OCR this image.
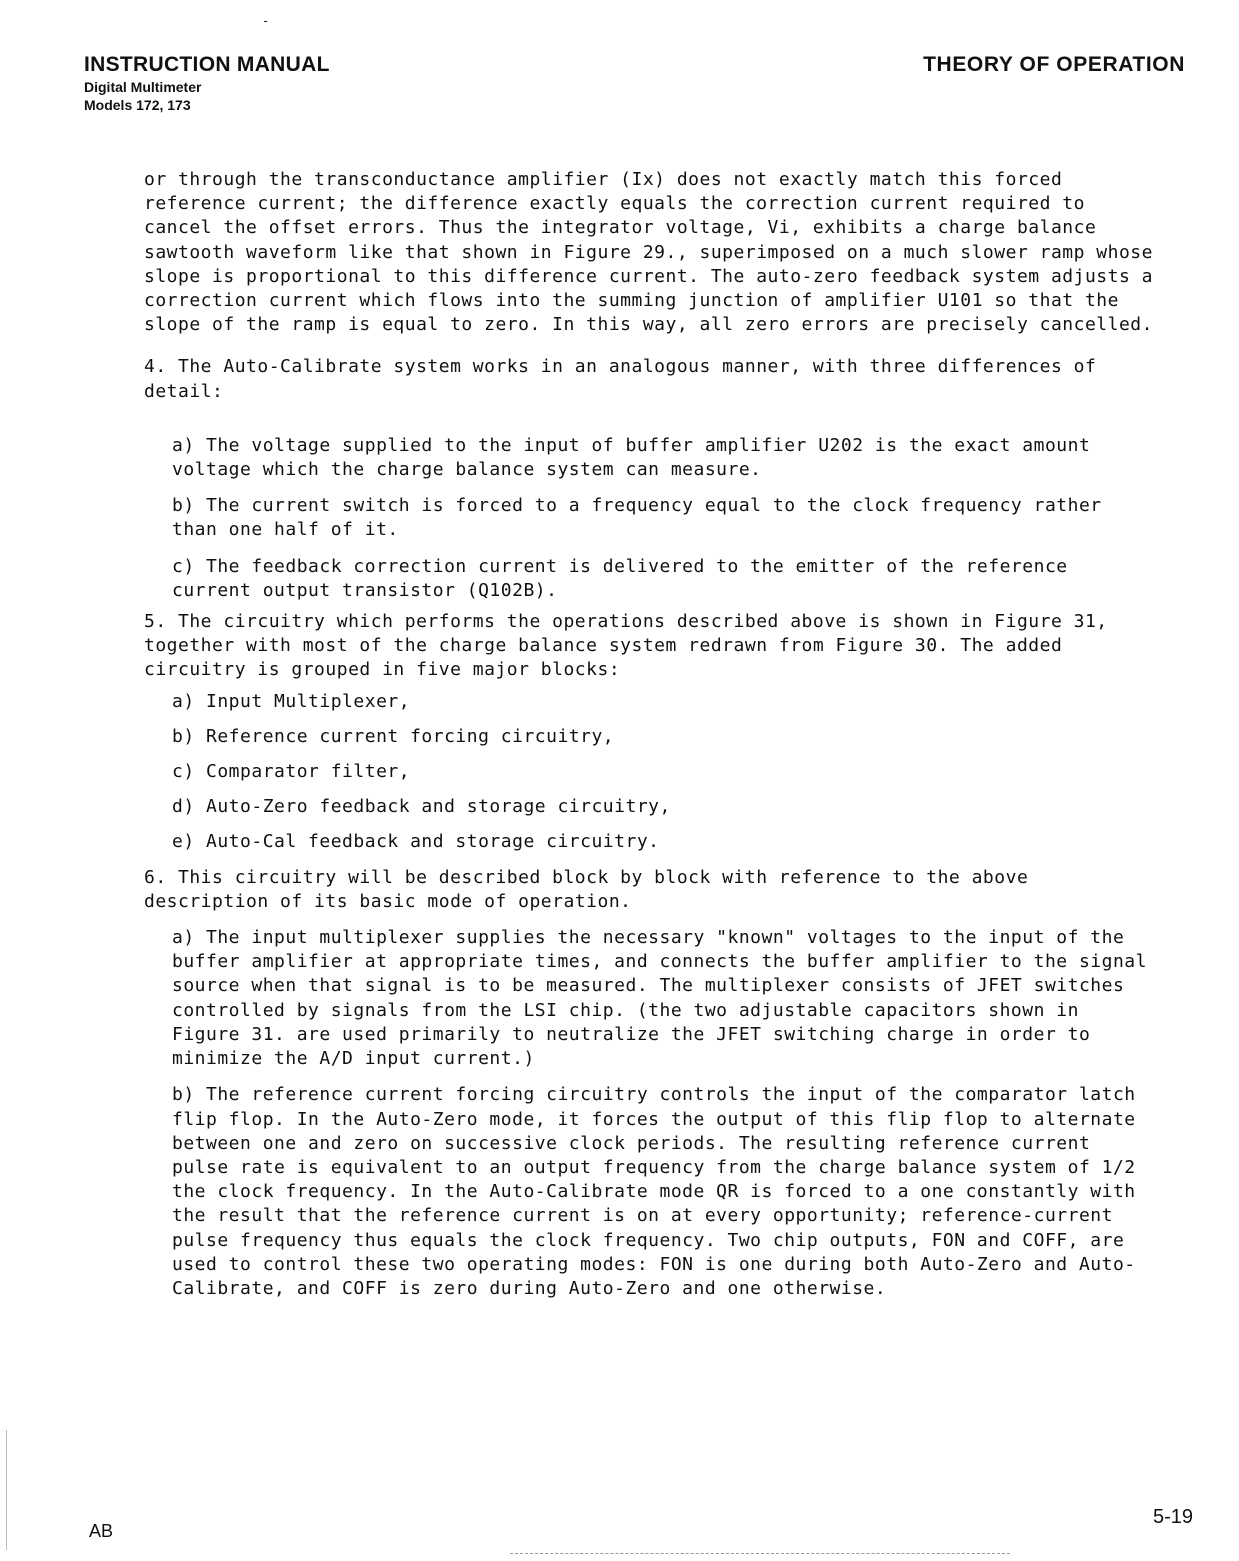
-
INSTRUCTION MANUAL
Digital Multimeter
Models 172, 173
THEORY OF OPERATION

or through the transconductance amplifier (Ix) does not exactly match this forced reference current; the difference exactly equals the correction current required to cancel the offset errors. Thus the integrator voltage, Vi, exhibits a charge balance sawtooth waveform like that shown in Figure 29., superimposed on a much slower ramp whose slope is proportional to this difference current. The auto-zero feedback system adjusts a correction current which flows into the summing junction of amplifier U101 so that the slope of the ramp is equal to zero. In this way, all zero errors are precisely cancelled.

4. The Auto-Calibrate system works in an analogous manner, with three differences of detail:

a) The voltage supplied to the input of buffer amplifier U202 is the exact amount voltage which the charge balance system can measure.

b) The current switch is forced to a frequency equal to the clock frequency rather than one half of it.

c) The feedback correction current is delivered to the emitter of the reference current output transistor (Q102B).

5. The circuitry which performs the operations described above is shown in Figure 31, together with most of the charge balance system redrawn from Figure 30. The added circuitry is grouped in five major blocks:

a) Input Multiplexer,

b) Reference current forcing circuitry,

c) Comparator filter,

d) Auto-Zero feedback and storage circuitry,

e) Auto-Cal feedback and storage circuitry.

6. This circuitry will be described block by block with reference to the above description of its basic mode of operation.

a) The input multiplexer supplies the necessary "known" voltages to the input of the buffer amplifier at appropriate times, and connects the buffer amplifier to the signal source when that signal is to be measured. The multiplexer consists of JFET switches controlled by signals from the LSI chip. (the two adjustable capacitors shown in Figure 31. are used primarily to neutralize the JFET switching charge in order to minimize the A/D input current.)

b) The reference current forcing circuitry controls the input of the comparator latch flip flop. In the Auto-Zero mode, it forces the output of this flip flop to alternate between one and zero on successive clock periods. The resulting reference current pulse rate is equivalent to an output frequency from the charge balance system of 1/2 the clock frequency. In the Auto-Calibrate mode QR is forced to a one constantly with the result that the reference current is on at every opportunity; reference-current pulse frequency thus equals the clock frequency. Two chip outputs, FON and COFF, are used to control these two operating modes: FON is one during both Auto-Zero and Auto-Calibrate, and COFF is zero during Auto-Zero and one otherwise.

AB
5-19
